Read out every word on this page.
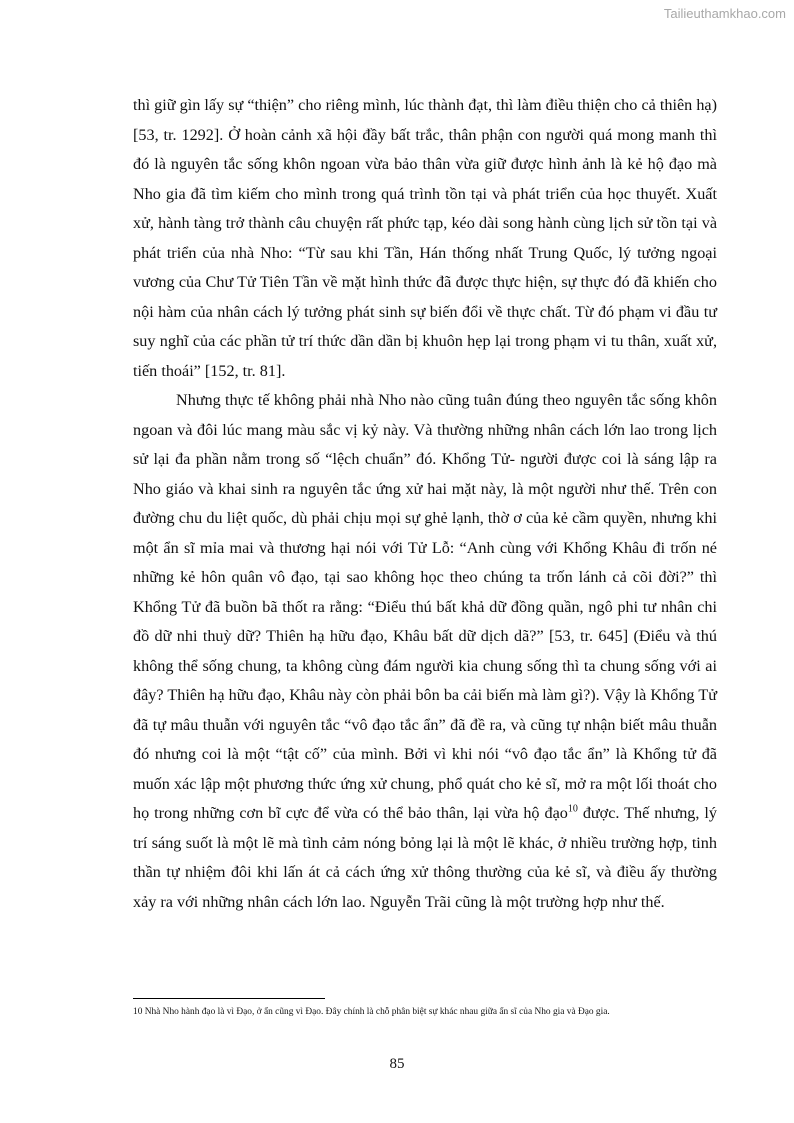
Tailieuthamkhao.com

thì giữ gìn lấy sự “thiện” cho riêng mình, lúc thành đạt, thì làm điều thiện cho cả thiên hạ) [53, tr. 1292]. Ở hoàn cảnh xã hội đầy bất trắc, thân phận con người quá mong manh thì đó là nguyên tắc sống khôn ngoan vừa bảo thân vừa giữ được hình ảnh là kẻ hộ đạo mà Nho gia đã tìm kiếm cho mình trong quá trình tồn tại và phát triển của học thuyết. Xuất xử, hành tàng trở thành câu chuyện rất phức tạp, kéo dài song hành cùng lịch sử tồn tại và phát triển của nhà Nho: “Từ sau khi Tần, Hán thống nhất Trung Quốc, lý tưởng ngoại vương của Chư Tử Tiên Tần về mặt hình thức đã được thực hiện, sự thực đó đã khiến cho nội hàm của nhân cách lý tưởng phát sinh sự biến đổi về thực chất. Từ đó phạm vi đầu tư suy nghĩ của các phần tử trí thức dần dần bị khuôn hẹp lại trong phạm vi tu thân, xuất xử, tiến thoái” [152, tr. 81].

Nhưng thực tế không phải nhà Nho nào cũng tuân đúng theo nguyên tắc sống khôn ngoan và đôi lúc mang màu sắc vị kỷ này. Và thường những nhân cách lớn lao trong lịch sử lại đa phần nằm trong số “lệch chuẩn” đó. Khổng Tử- người được coi là sáng lập ra Nho giáo và khai sinh ra nguyên tắc ứng xử hai mặt này, là một người như thế. Trên con đường chu du liệt quốc, dù phải chịu mọi sự ghẻ lạnh, thờ ơ của kẻ cầm quyền, nhưng khi một ẩn sĩ mỉa mai và thương hại nói với Tử Lỗ: “Anh cùng với Khổng Khâu đi trốn né những kẻ hôn quân vô đạo, tại sao không học theo chúng ta trốn lánh cả cõi đời?” thì Khổng Tử đã buồn bã thốt ra rằng: “Điểu thú bất khả dữ đồng quần, ngô phi tư nhân chi đồ dữ nhi thuỳ dữ? Thiên hạ hữu đạo, Khâu bất dữ dịch dã?” [53, tr. 645] (Điểu và thú không thể sống chung, ta không cùng đám người kia chung sống thì ta chung sống với ai đây? Thiên hạ hữu đạo, Khâu này còn phải bôn ba cải biến mà làm gì?). Vậy là Khổng Tử đã tự mâu thuẫn với nguyên tắc “vô đạo tắc ẩn” đã đề ra, và cũng tự nhận biết mâu thuẫn đó nhưng coi là một “tật cố” của mình. Bởi vì khi nói “vô đạo tắc ẩn” là Khổng tử đã muốn xác lập một phương thức ứng xử chung, phổ quát cho kẻ sĩ, mở ra một lối thoát cho họ trong những cơn bĩ cực để vừa có thể bảo thân, lại vừa hộ đạo$^{10}$ được. Thế nhưng, lý trí sáng suốt là một lẽ mà tình cảm nóng bỏng lại là một lẽ khác, ở nhiều trường hợp, tinh thần tự nhiệm đôi khi lấn át cả cách ứng xử thông thường của kẻ sĩ, và điều ấy thường xảy ra với những nhân cách lớn lao. Nguyễn Trãi cũng là một trường hợp như thế.

10 Nhà Nho hành đạo là vì Đạo, ở ẩn cũng vì Đạo. Đây chính là chỗ phân biệt sự khác nhau giữa ẩn sĩ của Nho gia và Đạo gia.
85
